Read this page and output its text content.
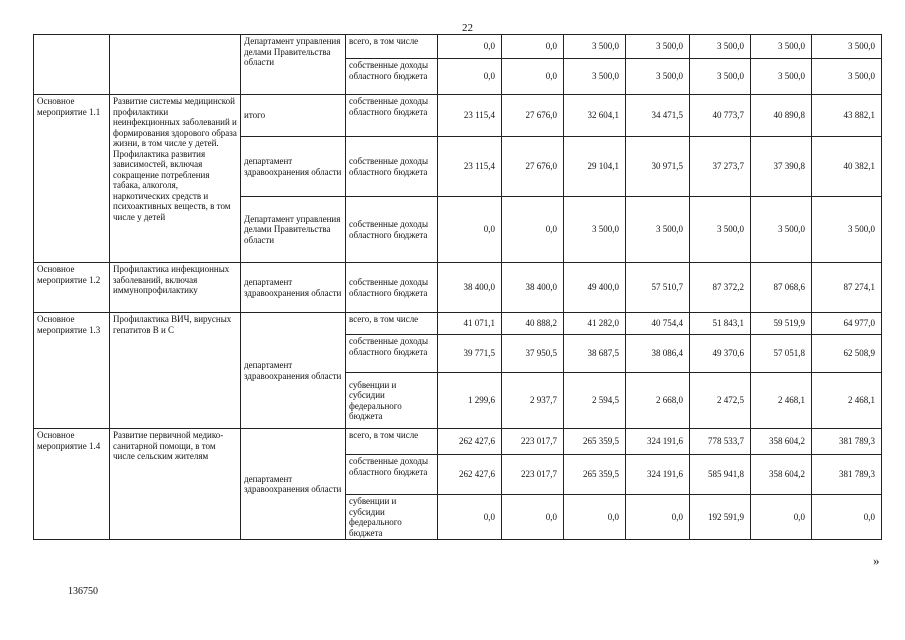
22
		Департамент управления делами Правительства области	всего, в том числе	0,0	0,0	3 500,0	3 500,0	3 500,0	3 500,0	3 500,0
			собственные доходы областного бюджета	0,0	0,0	3 500,0	3 500,0	3 500,0	3 500,0	3 500,0
Основное мероприятие 1.1	Развитие системы медицинской профилактики неинфекционных заболеваний и формирования здорового образа жизни, в том числе у детей. Профилактика развития зависимостей, включая сокращение потребления табака, алкоголя, наркотических средств и психоактивных веществ, в том числе у детей	итого	собственные доходы областного бюджета	23 115,4	27 676,0	32 604,1	34 471,5	40 773,7	40 890,8	43 882,1
		департамент здравоохранения области	собственные доходы областного бюджета	23 115,4	27 676,0	29 104,1	30 971,5	37 273,7	37 390,8	40 382,1
		Департамент управления делами Правительства области	собственные доходы областного бюджета	0,0	0,0	3 500,0	3 500,0	3 500,0	3 500,0	3 500,0
Основное мероприятие 1.2	Профилактика инфекционных заболеваний, включая иммунопрофилактику	департамент здравоохранения области	собственные доходы областного бюджета	38 400,0	38 400,0	49 400,0	57 510,7	87 372,2	87 068,6	87 274,1
Основное мероприятие 1.3	Профилактика ВИЧ, вирусных гепатитов B и C	департамент здравоохранения области	всего, в том числе	41 071,1	40 888,2	41 282,0	40 754,4	51 843,1	59 519,9	64 977,0
			собственные доходы областного бюджета	39 771,5	37 950,5	38 687,5	38 086,4	49 370,6	57 051,8	62 508,9
			субвенции и субсидии федерального бюджета	1 299,6	2 937,7	2 594,5	2 668,0	2 472,5	2 468,1	2 468,1
Основное мероприятие 1.4	Развитие первичной медико-санитарной помощи, в том числе сельским жителям	департамент здравоохранения области	всего, в том числе	262 427,6	223 017,7	265 359,5	324 191,6	778 533,7	358 604,2	381 789,3
			собственные доходы областного бюджета	262 427,6	223 017,7	265 359,5	324 191,6	585 941,8	358 604,2	381 789,3
			субвенции и субсидии федерального бюджета	0,0	0,0	0,0	0,0	192 591,9	0,0	0,0
»
136750
